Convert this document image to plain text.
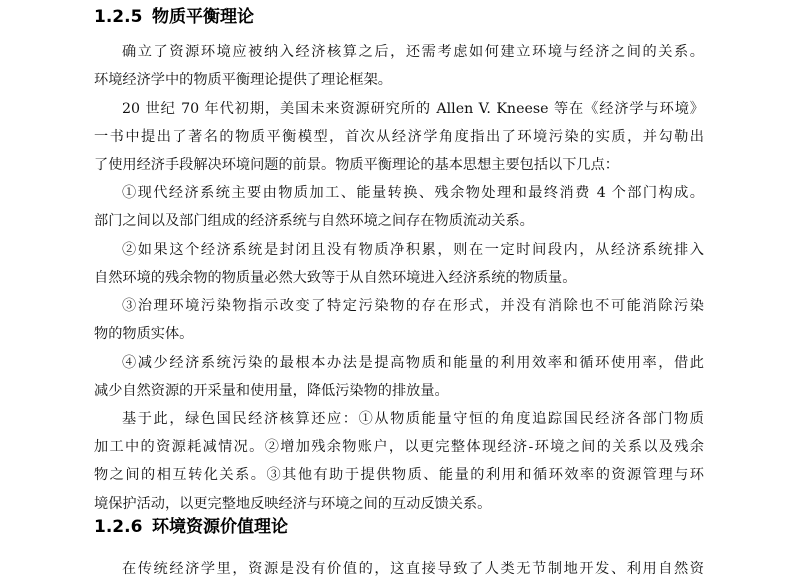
1.2.5 物质平衡理论
确立了资源环境应被纳入经济核算之后，还需考虑如何建立环境与经济之间的关系。
环境经济学中的物质平衡理论提供了理论框架。
20 世纪 70 年代初期，美国未来资源研究所的 Allen V. Kneese 等在《经济学与环境》
一书中提出了著名的物质平衡模型，首次从经济学角度指出了环境污染的实质，并勾勒出
了使用经济手段解决环境问题的前景。物质平衡理论的基本思想主要包括以下几点：
①现代经济系统主要由物质加工、能量转换、残余物处理和最终消费 4 个部门构成。
部门之间以及部门组成的经济系统与自然环境之间存在物质流动关系。
②如果这个经济系统是封闭且没有物质净积累，则在一定时间段内，从经济系统排入
自然环境的残余物的物质量必然大致等于从自然环境进入经济系统的物质量。
③治理环境污染物指示改变了特定污染物的存在形式，并没有消除也不可能消除污染
物的物质实体。
④减少经济系统污染的最根本办法是提高物质和能量的利用效率和循环使用率，借此
减少自然资源的开采量和使用量，降低污染物的排放量。
基于此，绿色国民经济核算还应：①从物质能量守恒的角度追踪国民经济各部门物质
加工中的资源耗减情况。②增加残余物账户，以更完整体现经济-环境之间的关系以及残余
物之间的相互转化关系。③其他有助于提供物质、能量的利用和循环效率的资源管理与环
境保护活动，以更完整地反映经济与环境之间的互动反馈关系。
1.2.6 环境资源价值理论
在传统经济学里，资源是没有价值的，这直接导致了人类无节制地开发、利用自然资
